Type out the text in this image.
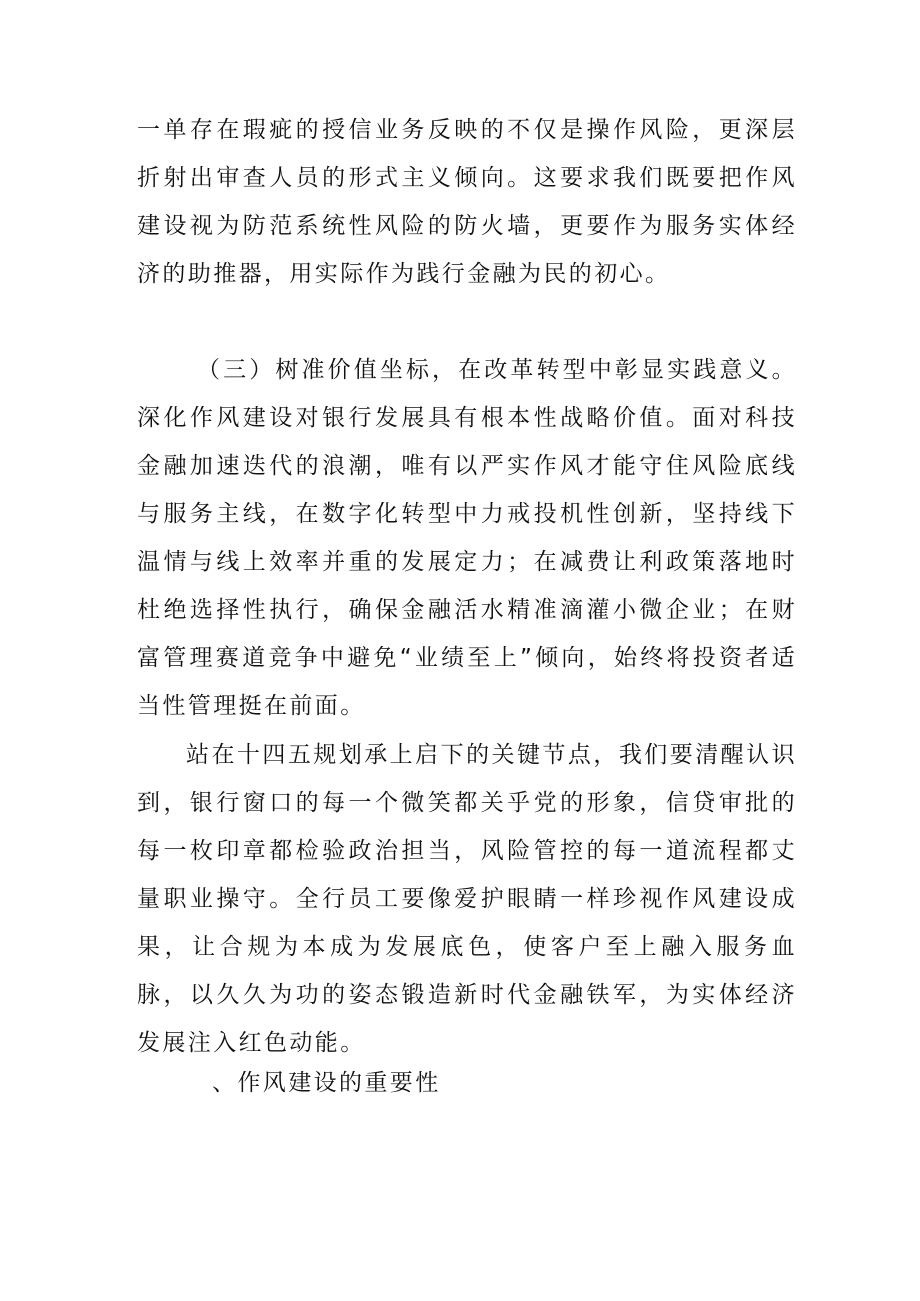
一单存在瑕疵的授信业务反映的不仅是操作风险，更深层折射出审查人员的形式主义倾向。这要求我们既要把作风建设视为防范系统性风险的防火墙，更要作为服务实体经济的助推器，用实际作为践行金融为民的初心。

（三）树准价值坐标，在改革转型中彰显实践意义。深化作风建设对银行发展具有根本性战略价值。面对科技金融加速迭代的浪潮，唯有以严实作风才能守住风险底线与服务主线，在数字化转型中力戒投机性创新，坚持线下温情与线上效率并重的发展定力；在减费让利政策落地时杜绝选择性执行，确保金融活水精准滴灌小微企业；在财富管理赛道竞争中避免“业绩至上”倾向，始终将投资者适当性管理挺在前面。

站在十四五规划承上启下的关键节点，我们要清醒认识到，银行窗口的每一个微笑都关乎党的形象，信贷审批的每一枚印章都检验政治担当，风险管控的每一道流程都丈量职业操守。全行员工要像爱护眼睛一样珍视作风建设成果，让合规为本成为发展底色，使客户至上融入服务血脉，以久久为功的姿态锻造新时代金融铁军，为实体经济发展注入红色动能。

、作风建设的重要性
